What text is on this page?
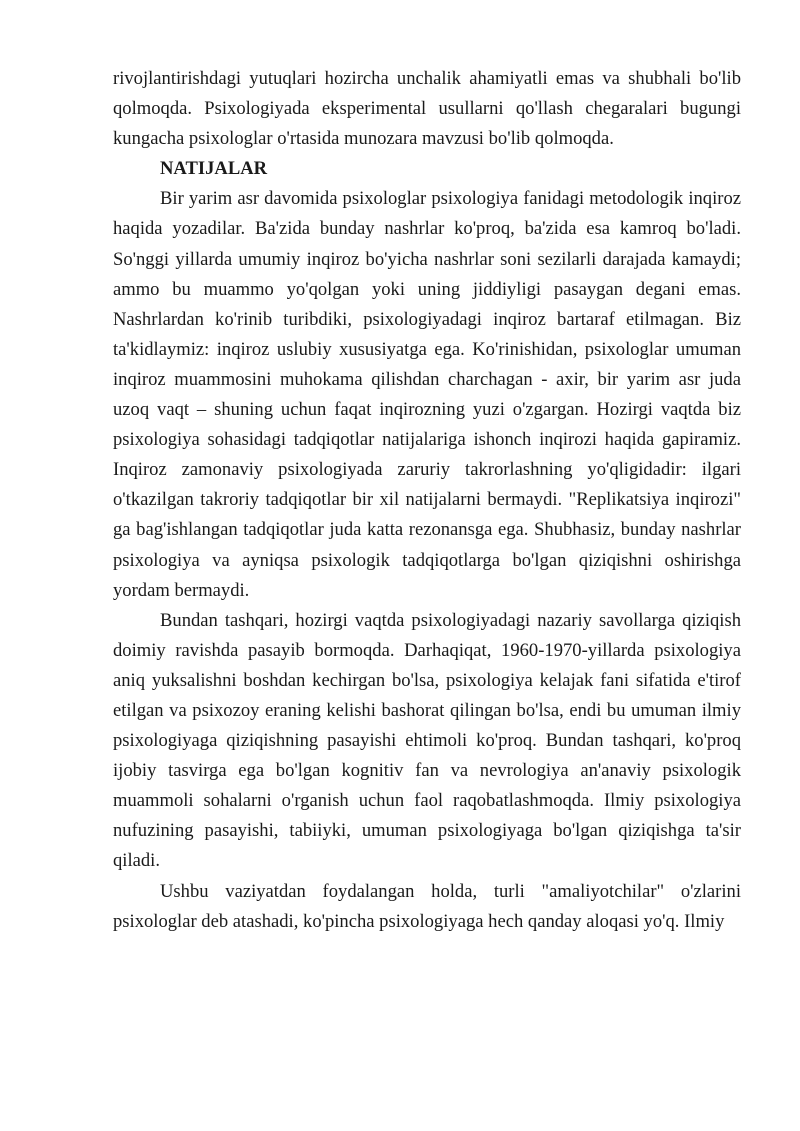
rivojlantirishdagi yutuqlari hozircha unchalik ahamiyatli emas va shubhali bo'lib qolmoqda. Psixologiyada eksperimental usullarni qo'llash chegaralari bugungi kungacha psixologlar o'rtasida munozara mavzusi bo'lib qolmoqda.

NATIJALAR

Bir yarim asr davomida psixologlar psixologiya fanidagi metodologik inqiroz haqida yozadilar. Ba'zida bunday nashrlar ko'proq, ba'zida esa kamroq bo'ladi. So'nggi yillarda umumiy inqiroz bo'yicha nashrlar soni sezilarli darajada kamaydi; ammo bu muammo yo'qolgan yoki uning jiddiyligi pasaygan degani emas. Nashrlardan ko'rinib turibdiki, psixologiyadagi inqiroz bartaraf etilmagan. Biz ta'kidlaymiz: inqiroz uslubiy xususiyatga ega. Ko'rinishidan, psixologlar umuman inqiroz muammosini muhokama qilishdan charchagan - axir, bir yarim asr juda uzoq vaqt – shuning uchun faqat inqirozning yuzi o'zgargan. Hozirgi vaqtda biz psixologiya sohasidagi tadqiqotlar natijalariga ishonch inqirozi haqida gapiramiz. Inqiroz zamonaviy psixologiyada zaruriy takrorlashning yo'qligidadir: ilgari o'tkazilgan takroriy tadqiqotlar bir xil natijalarni bermaydi. "Replikatsiya inqirozi" ga bag'ishlangan tadqiqotlar juda katta rezonansga ega. Shubhasiz, bunday nashrlar psixologiya va ayniqsa psixologik tadqiqotlarga bo'lgan qiziqishni oshirishga yordam bermaydi.

Bundan tashqari, hozirgi vaqtda psixologiyadagi nazariy savollarga qiziqish doimiy ravishda pasayib bormoqda. Darhaqiqat, 1960-1970-yillarda psixologiya aniq yuksalishni boshdan kechirgan bo'lsa, psixologiya kelajak fani sifatida e'tirof etilgan va psixozoy eraning kelishi bashorat qilingan bo'lsa, endi bu umuman ilmiy psixologiyaga qiziqishning pasayishi ehtimoli ko'proq. Bundan tashqari, ko'proq ijobiy tasvirga ega bo'lgan kognitiv fan va nevrologiya an'anaviy psixologik muammoli sohalarni o'rganish uchun faol raqobatlashmoqda. Ilmiy psixologiya nufuzining pasayishi, tabiiyki, umuman psixologiyaga bo'lgan qiziqishga ta'sir qiladi.

Ushbu vaziyatdan foydalangan holda, turli "amaliyotchilar" o'zlarini psixologlar deb atashadi, ko'pincha psixologiyaga hech qanday aloqasi yo'q. Ilmiy
